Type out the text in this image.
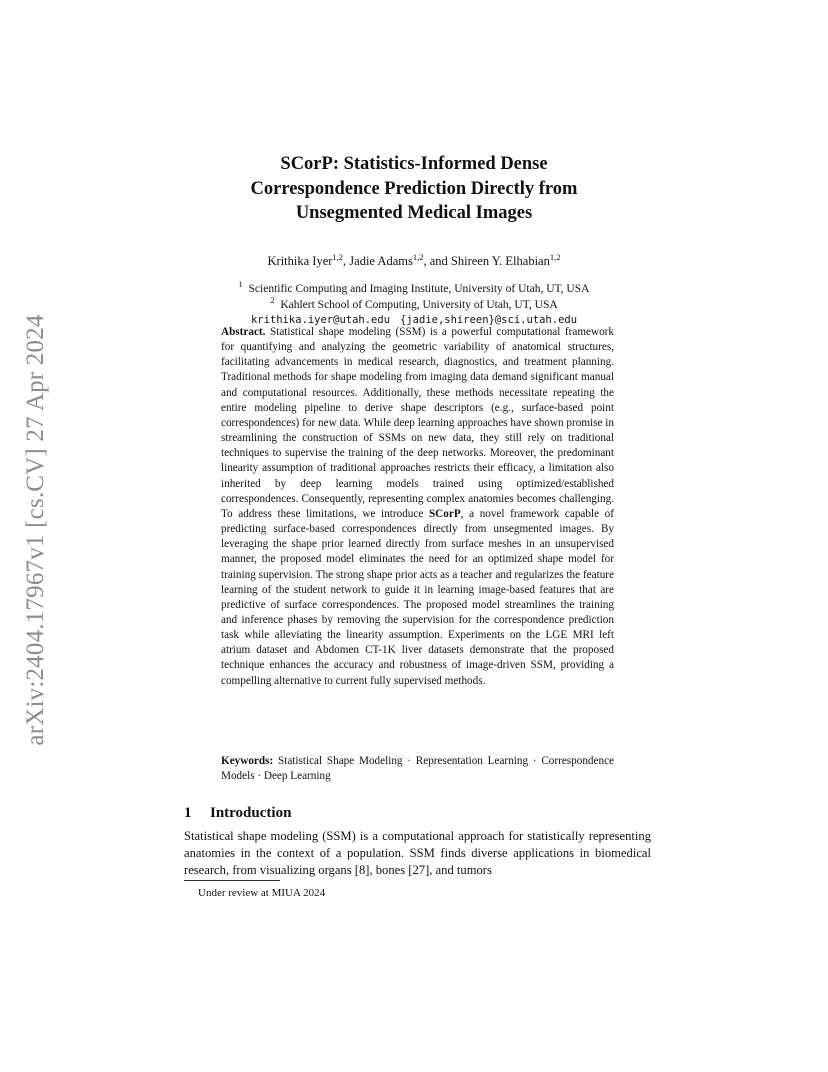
arXiv:2404.17967v1 [cs.CV] 27 Apr 2024
SCorP: Statistics-Informed Dense
Correspondence Prediction Directly from
Unsegmented Medical Images
Krithika Iyer$^{1,2}$, Jadie Adams$^{1,2}$, and Shireen Y. Elhabian$^{1,2}$
$^1$ Scientific Computing and Imaging Institute, University of Utah, UT, USA
$^2$ Kahlert School of Computing, University of Utah, UT, USA
krithika.iyer@utah.edu {jadie,shireen}@sci.utah.edu
Abstract. Statistical shape modeling (SSM) is a powerful computational framework for quantifying and analyzing the geometric variability of anatomical structures, facilitating advancements in medical research, diagnostics, and treatment planning. Traditional methods for shape modeling from imaging data demand significant manual and computational resources. Additionally, these methods necessitate repeating the entire modeling pipeline to derive shape descriptors (e.g., surface-based point correspondences) for new data. While deep learning approaches have shown promise in streamlining the construction of SSMs on new data, they still rely on traditional techniques to supervise the training of the deep networks. Moreover, the predominant linearity assumption of traditional approaches restricts their efficacy, a limitation also inherited by deep learning models trained using optimized/established correspondences. Consequently, representing complex anatomies becomes challenging. To address these limitations, we introduce SCorP, a novel framework capable of predicting surface-based correspondences directly from unsegmented images. By leveraging the shape prior learned directly from surface meshes in an unsupervised manner, the proposed model eliminates the need for an optimized shape model for training supervision. The strong shape prior acts as a teacher and regularizes the feature learning of the student network to guide it in learning image-based features that are predictive of surface correspondences. The proposed model streamlines the training and inference phases by removing the supervision for the correspondence prediction task while alleviating the linearity assumption. Experiments on the LGE MRI left atrium dataset and Abdomen CT-1K liver datasets demonstrate that the proposed technique enhances the accuracy and robustness of image-driven SSM, providing a compelling alternative to current fully supervised methods.
Keywords: Statistical Shape Modeling · Representation Learning · Correspondence Models · Deep Learning
1 Introduction
Statistical shape modeling (SSM) is a computational approach for statistically representing anatomies in the context of a population. SSM finds diverse applications in biomedical research, from visualizing organs [8], bones [27], and tumors
Under review at MIUA 2024
